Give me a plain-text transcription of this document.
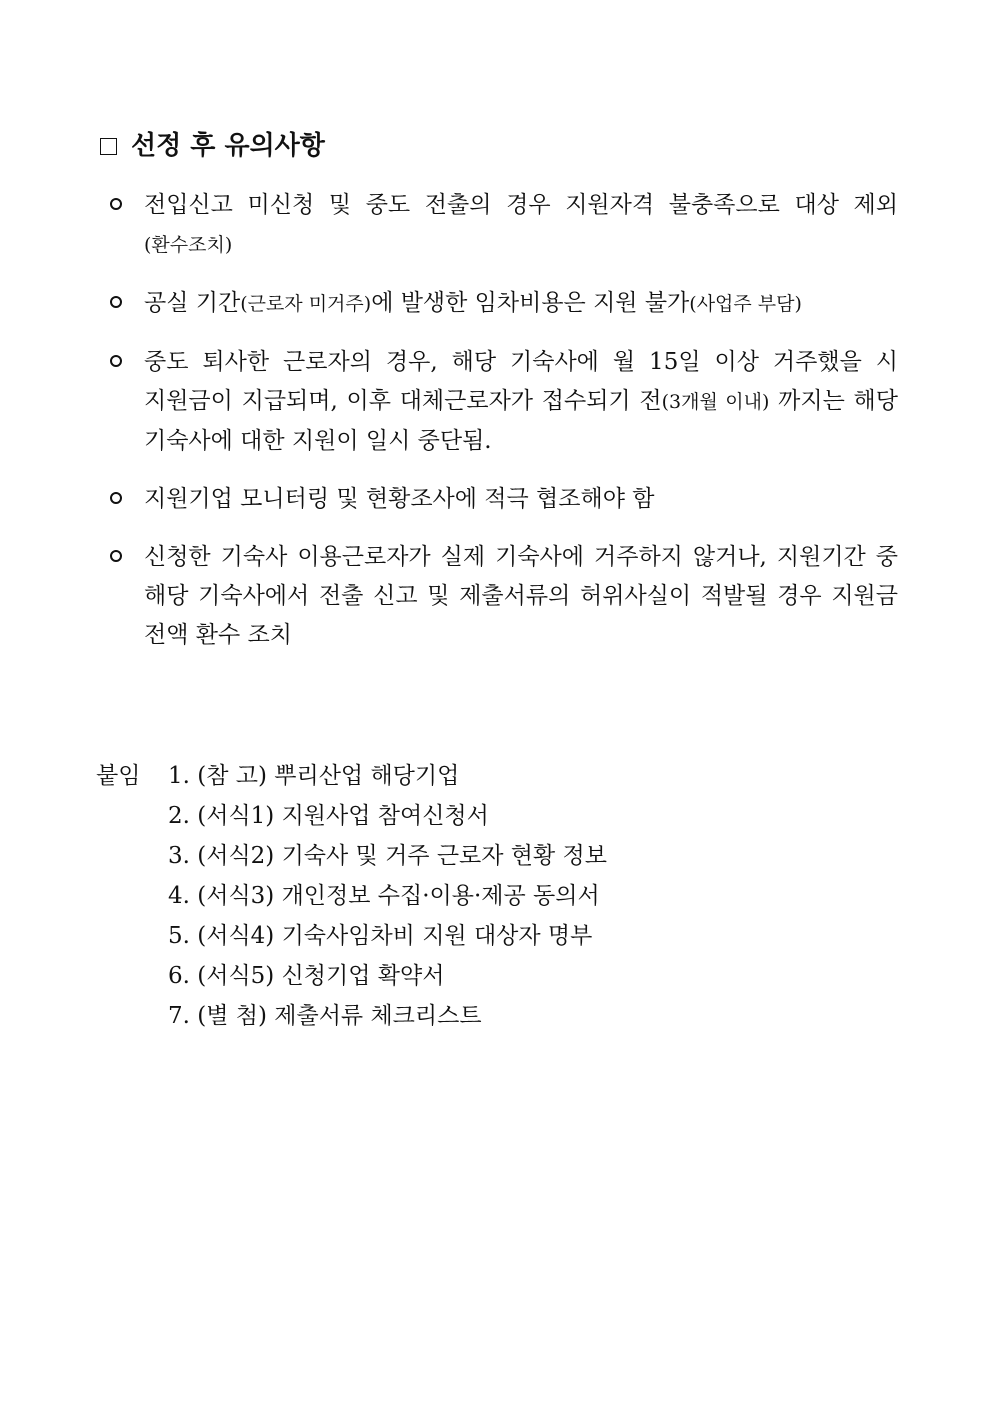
선정 후 유의사항
전입신고 미신청 및 중도 전출의 경우 지원자격 불충족으로 대상 제외(환수조치)
공실 기간(근로자 미거주)에 발생한 임차비용은 지원 불가(사업주 부담)
중도 퇴사한 근로자의 경우, 해당 기숙사에 월 15일 이상 거주했을 시 지원금이 지급되며, 이후 대체근로자가 접수되기 전(3개월 이내) 까지는 해당 기숙사에 대한 지원이 일시 중단됨.
지원기업 모니터링 및 현황조사에 적극 협조해야 함
신청한 기숙사 이용근로자가 실제 기숙사에 거주하지 않거나, 지원기간 중 해당 기숙사에서 전출 신고 및 제출서류의 허위사실이 적발될 경우 지원금 전액 환수 조치
붙임 1. (참 고) 뿌리산업 해당기업
2. (서식1) 지원사업 참여신청서
3. (서식2) 기숙사 및 거주 근로자 현황 정보
4. (서식3) 개인정보 수집·이용·제공 동의서
5. (서식4) 기숙사임차비 지원 대상자 명부
6. (서식5) 신청기업 확약서
7. (별 첨) 제출서류 체크리스트
